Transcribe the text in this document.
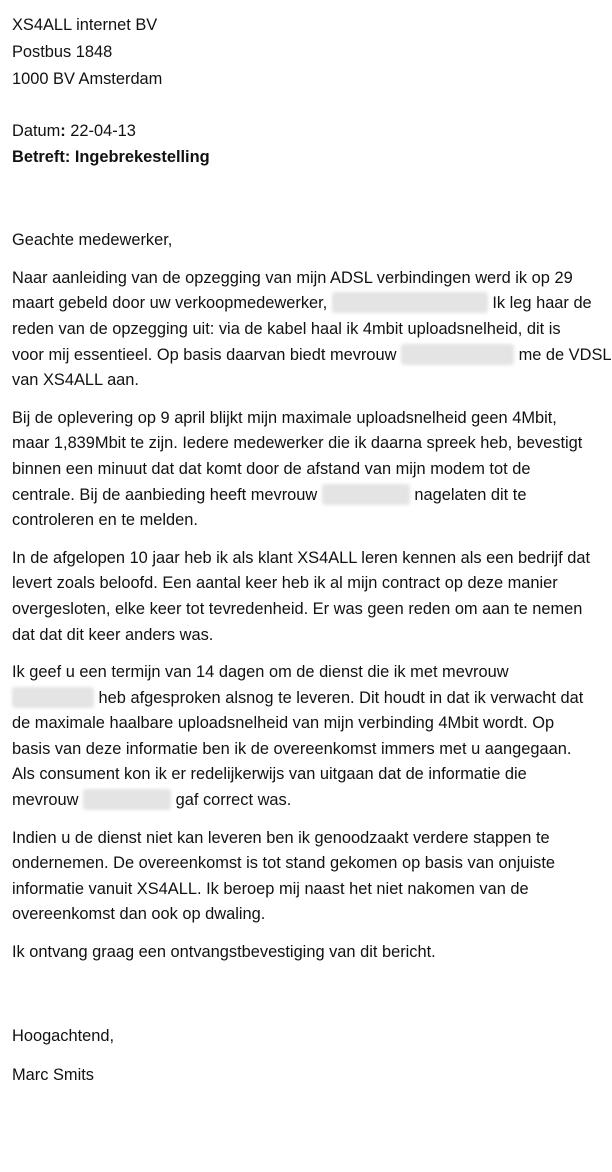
XS4ALL internet BV
Postbus 1848
1000 BV Amsterdam
Datum: 22-04-13
Betreft: Ingebrekestelling
Geachte medewerker,
Naar aanleiding van de opzegging van mijn ADSL verbindingen werd ik op 29
maart gebeld door uw verkoopmedewerker,	Ik leg haar de
reden van de opzegging uit: via de kabel haal ik 4mbit uploadsnelheid, dit is
voor mij essentieel. Op basis daarvan biedt mevrouw	me de VDSL
van XS4ALL aan.
Bij de oplevering op 9 april blijkt mijn maximale uploadsnelheid geen 4Mbit,
maar 1,839Mbit te zijn. Iedere medewerker die ik daarna spreek heb, bevestigt
binnen een minuut dat dat komt door de afstand van mijn modem tot de
centrale. Bij de aanbieding heeft mevrouw	nagelaten dit te
controleren en te melden.
In de afgelopen 10 jaar heb ik als klant XS4ALL leren kennen als een bedrijf dat
levert zoals beloofd. Een aantal keer heb ik al mijn contract op deze manier
overgesloten, elke keer tot tevredenheid. Er was geen reden om aan te nemen
dat dat dit keer anders was.
Ik geef u een termijn van 14 dagen om de dienst die ik met mevrouw
heb afgesproken alsnog te leveren. Dit houdt in dat ik verwacht dat
de maximale haalbare uploadsnelheid van mijn verbinding 4Mbit wordt. Op
basis van deze informatie ben ik de overeenkomst immers met u aangegaan.
Als consument kon ik er redelijkerwijs van uitgaan dat de informatie die
mevrouw	gaf correct was.
Indien u de dienst niet kan leveren ben ik genoodzaakt verdere stappen te
ondernemen. De overeenkomst is tot stand gekomen op basis van onjuiste
informatie vanuit XS4ALL. Ik beroep mij naast het niet nakomen van de
overeenkomst dan ook op dwaling.
Ik ontvang graag een ontvangstbevestiging van dit bericht.
Hoogachtend,
Marc Smits
